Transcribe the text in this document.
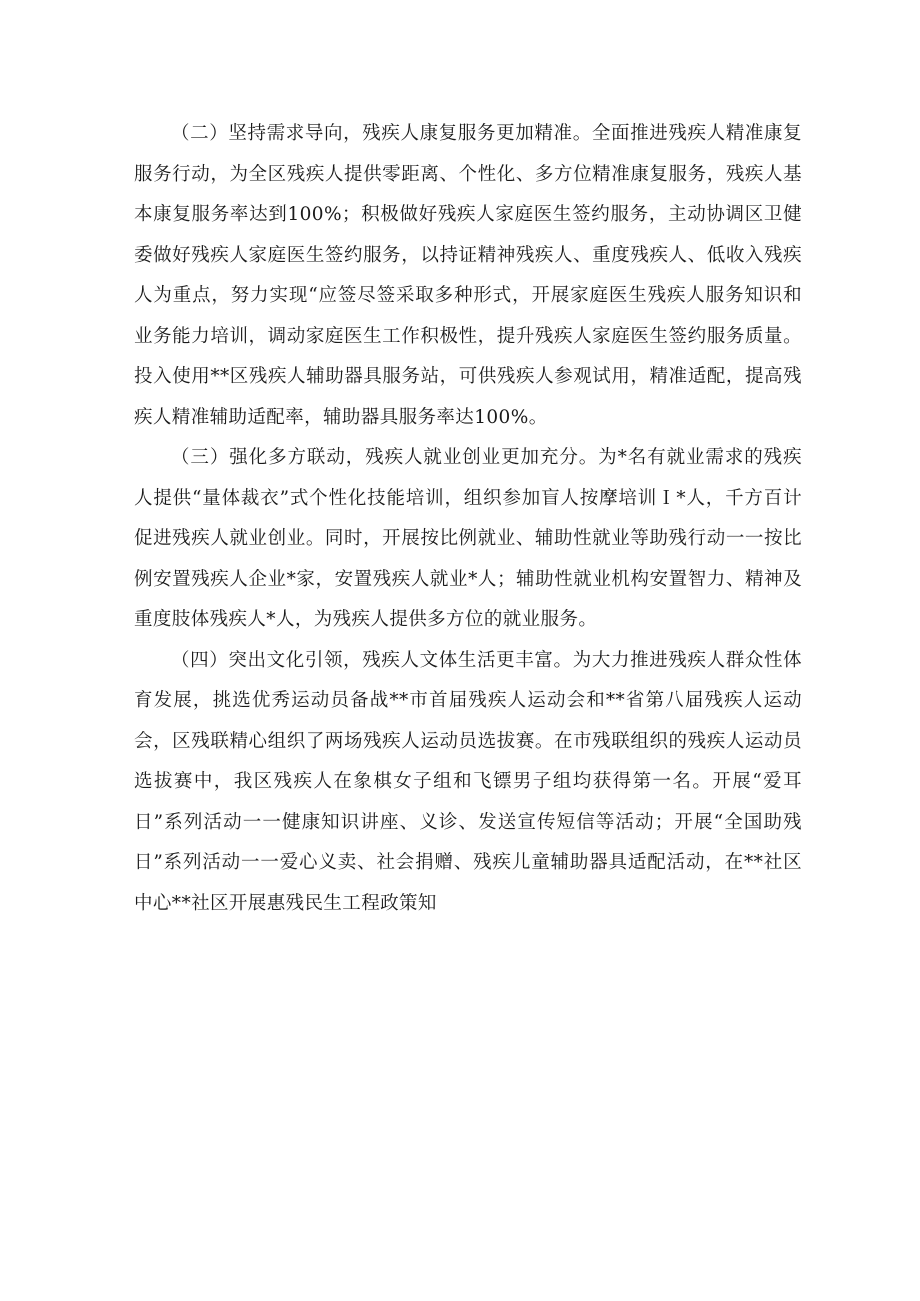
（二）坚持需求导向，残疾人康复服务更加精准。全面推进残疾人精准康复服务行动，为全区残疾人提供零距离、个性化、多方位精准康复服务，残疾人基本康复服务率达到100%；积极做好残疾人家庭医生签约服务，主动协调区卫健委做好残疾人家庭医生签约服务，以持证精神残疾人、重度残疾人、低收入残疾人为重点，努力实现“应签尽签采取多种形式，开展家庭医生残疾人服务知识和业务能力培训，调动家庭医生工作积极性，提升残疾人家庭医生签约服务质量。投入使用**区残疾人辅助器具服务站，可供残疾人参观试用，精准适配，提高残疾人精准辅助适配率，辅助器具服务率达100%。

（三）强化多方联动，残疾人就业创业更加充分。为*名有就业需求的残疾人提供“量体裁衣”式个性化技能培训，组织参加盲人按摩培训Ｉ*人，千方百计促进残疾人就业创业。同时，开展按比例就业、辅助性就业等助残行动一一按比例安置残疾人企业*家，安置残疾人就业*人；辅助性就业机构安置智力、精神及重度肢体残疾人*人，为残疾人提供多方位的就业服务。

（四）突出文化引领，残疾人文体生活更丰富。为大力推进残疾人群众性体育发展，挑选优秀运动员备战**市首届残疾人运动会和**省第八届残疾人运动会，区残联精心组织了两场残疾人运动员选拔赛。在市残联组织的残疾人运动员选拔赛中，我区残疾人在象棋女子组和飞镖男子组均获得第一名。开展“爱耳日”系列活动一一健康知识讲座、义诊、发送宣传短信等活动；开展“全国助残日”系列活动一一爱心义卖、社会捐赠、残疾儿童辅助器具适配活动，在**社区中心**社区开展惠残民生工程政策知
